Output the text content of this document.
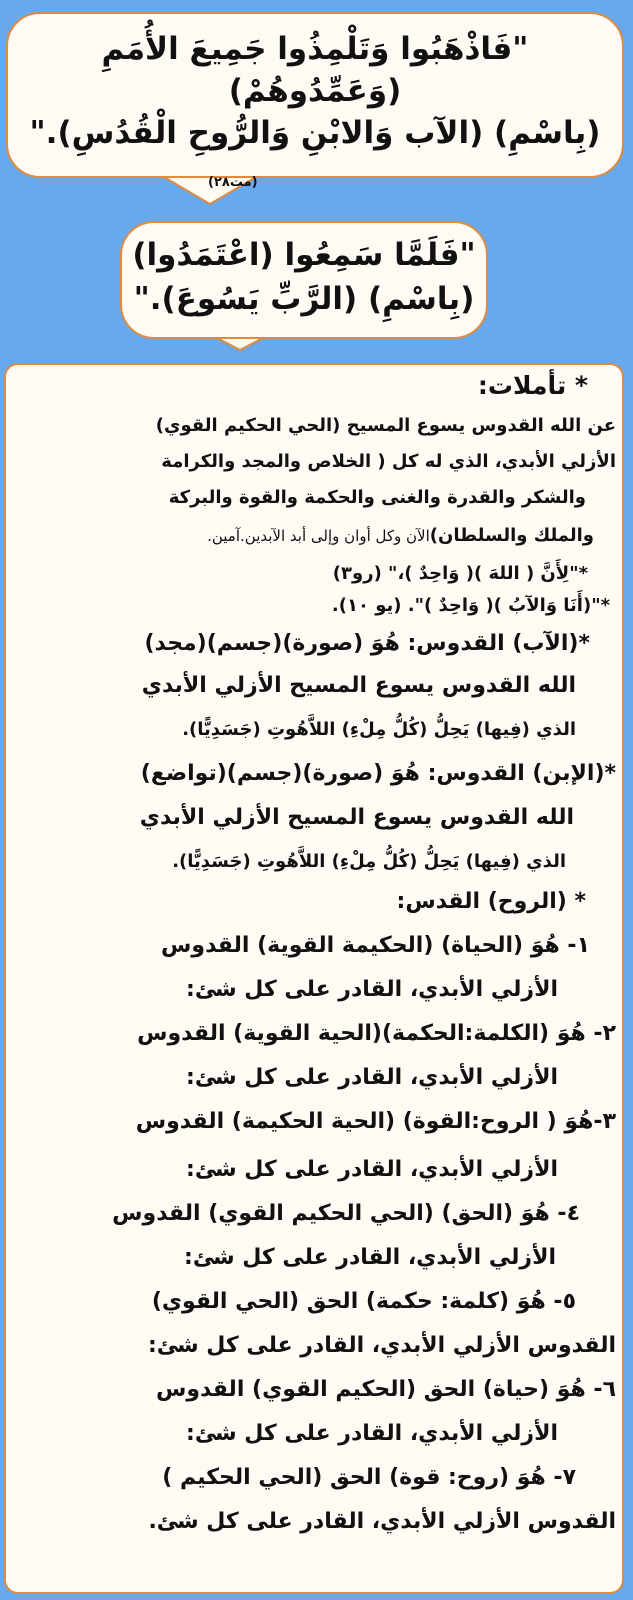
"فَاذْهَبُوا وَتَلْمِذُوا جَمِيعَ الأُمَمِ
(وَعَمِّدُوهُمْ)
(بِاسْمِ) (الآب وَالابْنِ وَالرُّوحِ الْقُدُسِ)."
(مت٢٨)
"فَلَمَّا سَمِعُوا (اعْتَمَدُوا)
(بِاسْمِ) (الرَّبِّ يَسُوعَ)."
* تأملات:
عن الله القدوس يسوع المسيح (الحي الحكيم القوي)
الأزلي الأبدي، الذي له كل ( الخلاص والمجد والكرامة
والشكر والقدرة والغنى والحكمة والقوة والبركة
والملك والسلطان)الآن وكل أوان وإلى أبد الآبدين.آمين.
*"لِأَنَّ ( اللهَ )( وَاحِدٌ )،" (رو٣)
*"(أَنَا وَالآبُ )( وَاحِدٌ )". (يو ١٠).
*(الآب) القدوس: هُوَ (صورة)(جسم)(مجد)
الله القدوس يسوع المسيح الأزلي الأبدي
الذي (فِيها) يَحِلُّ (كُلُّ مِلْءِ) اللاَّهُوتِ (جَسَدِيًّا).
*(الإبن) القدوس: هُوَ (صورة)(جسم)(تواضع)
الله القدوس يسوع المسيح الأزلي الأبدي
الذي (فِيها) يَحِلُّ (كُلُّ مِلْءِ) اللاَّهُوتِ (جَسَدِيًّا).
* (الروح) القدس:
١- هُوَ (الحياة) (الحكيمة القوية) القدوس
الأزلي الأبدي، القادر على كل شئ:
٢- هُوَ (الكلمة:الحكمة)(الحية القوية) القدوس
الأزلي الأبدي، القادر على كل شئ:
٣-هُوَ ( الروح:القوة) (الحية الحكيمة) القدوس
الأزلي الأبدي، القادر على كل شئ:
٤- هُوَ (الحق) (الحي الحكيم القوي) القدوس
الأزلي الأبدي، القادر على كل شئ:
٥- هُوَ (كلمة: حكمة) الحق (الحي القوي)
القدوس الأزلي الأبدي، القادر على كل شئ:
٦- هُوَ (حياة) الحق (الحكيم القوي) القدوس
الأزلي الأبدي، القادر على كل شئ:
٧- هُوَ (روح: قوة) الحق (الحي الحكيم )
القدوس الأزلي الأبدي، القادر على كل شئ.
